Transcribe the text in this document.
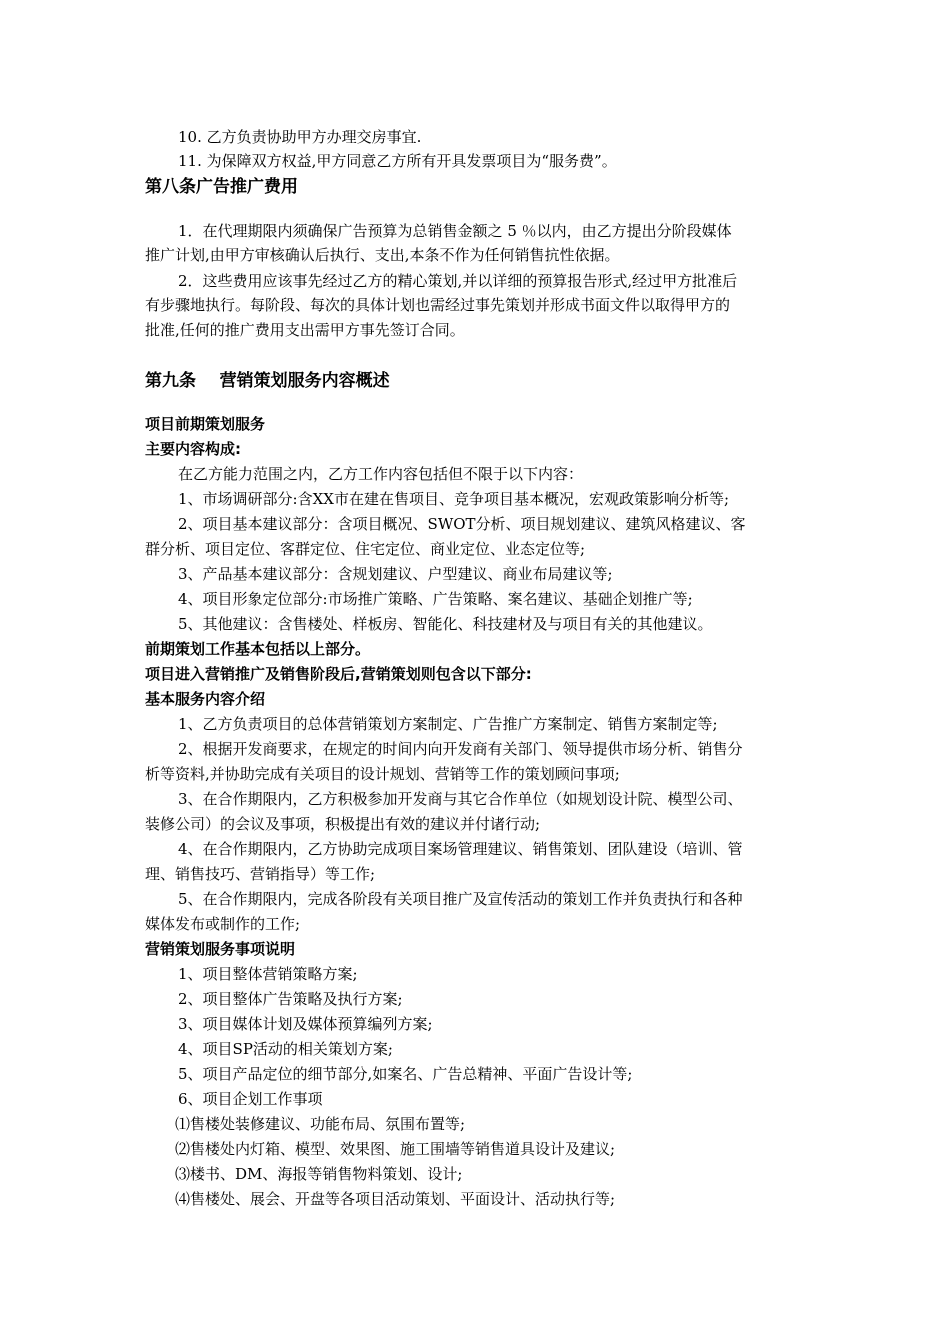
10. 乙方负责协助甲方办理交房事宜.
11. 为保障双方权益,甲方同意乙方所有开具发票项目为“服务费”。
第八条广告推广费用
1．在代理期限内须确保广告预算为总销售金额之 5 ％以内，由乙方提出分阶段媒体
推广计划,由甲方审核确认后执行、支出,本条不作为任何销售抗性依据。
2．这些费用应该事先经过乙方的精心策划,并以详细的预算报告形式,经过甲方批准后
有步骤地执行。每阶段、每次的具体计划也需经过事先策划并形成书面文件以取得甲方的
批准,任何的推广费用支出需甲方事先签订合同。
第九条    营销策划服务内容概述
项目前期策划服务
主要内容构成:
在乙方能力范围之内，乙方工作内容包括但不限于以下内容：
1、市场调研部分:含XX市在建在售项目、竞争项目基本概况，宏观政策影响分析等;
2、项目基本建议部分：含项目概况、SWOT分析、项目规划建议、建筑风格建议、客
群分析、项目定位、客群定位、住宅定位、商业定位、业态定位等;
3、产品基本建议部分：含规划建议、户型建议、商业布局建议等;
4、项目形象定位部分:市场推广策略、广告策略、案名建议、基础企划推广等;
5、其他建议：含售楼处、样板房、智能化、科技建材及与项目有关的其他建议。
前期策划工作基本包括以上部分。
项目进入营销推广及销售阶段后,营销策划则包含以下部分:
基本服务内容介绍
1、乙方负责项目的总体营销策划方案制定、广告推广方案制定、销售方案制定等;
2、根据开发商要求，在规定的时间内向开发商有关部门、领导提供市场分析、销售分
析等资料,并协助完成有关项目的设计规划、营销等工作的策划顾问事项;
3、在合作期限内，乙方积极参加开发商与其它合作单位（如规划设计院、模型公司、
装修公司）的会议及事项，积极提出有效的建议并付诸行动;
4、在合作期限内，乙方协助完成项目案场管理建议、销售策划、团队建设（培训、管
理、销售技巧、营销指导）等工作;
5、在合作期限内，完成各阶段有关项目推广及宣传活动的策划工作并负责执行和各种
媒体发布或制作的工作;
营销策划服务事项说明
1、项目整体营销策略方案;
2、项目整体广告策略及执行方案;
3、项目媒体计划及媒体预算编列方案;
4、项目SP活动的相关策划方案;
5、项目产品定位的细节部分,如案名、广告总精神、平面广告设计等;
6、项目企划工作事项
⑴售楼处装修建议、功能布局、氛围布置等;
⑵售楼处内灯箱、模型、效果图、施工围墙等销售道具设计及建议;
⑶楼书、DM、海报等销售物料策划、设计;
⑷售楼处、展会、开盘等各项目活动策划、平面设计、活动执行等;
